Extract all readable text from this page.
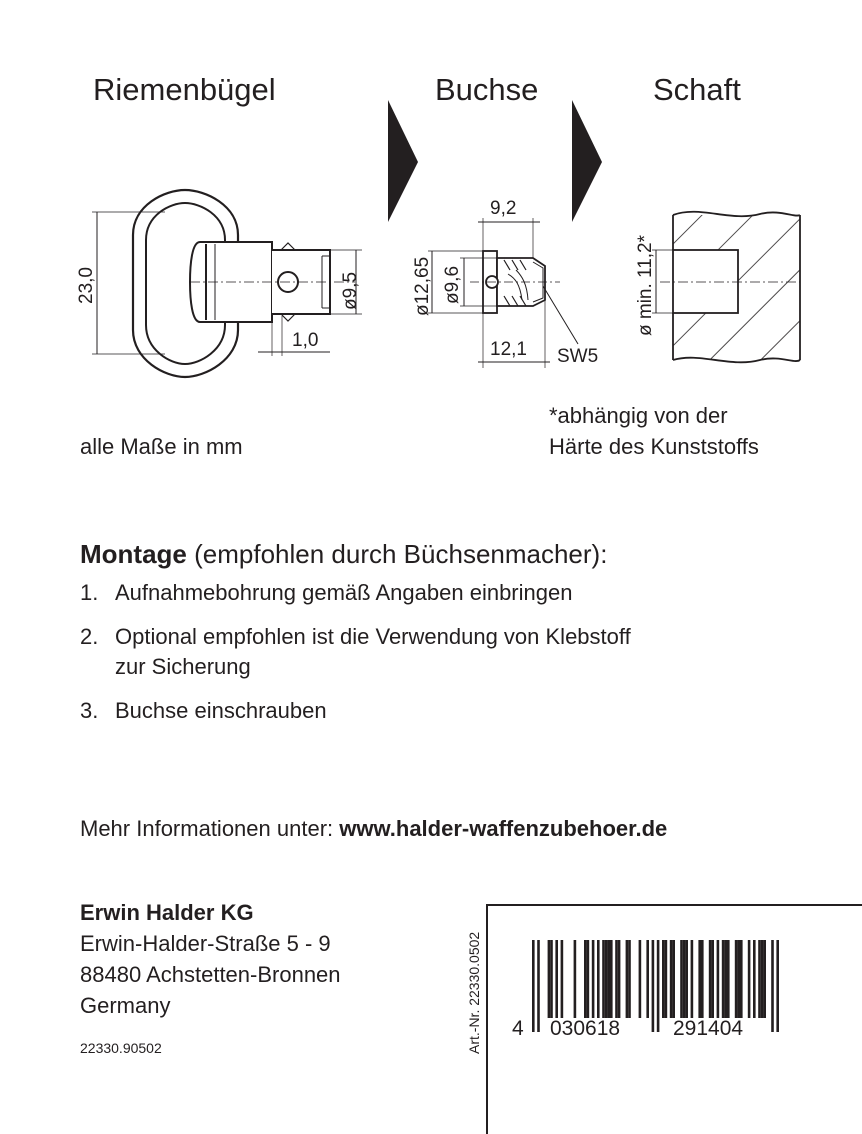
Riemenbügel	Buchse	Schaft
23,0	ø9,5
1,0
9,2
ø12,65 ø9,6
12,1 SW5
ø min. 11,2*
alle Maße in mm
*abhängig von der
Härte des Kunststoffs
Montage (empfohlen durch Büchsenmacher):
1. Aufnahmebohrung gemäß Angaben einbringen
2. Optional empfohlen ist die Verwendung von Klebstoff zur Sicherung
3. Buchse einschrauben
Mehr Informationen unter: www.halder-waffenzubehoer.de
Erwin Halder KG
Erwin-Halder-Straße 5 - 9
88480 Achstetten-Bronnen
Germany
22330.90502	Art.-Nr. 22330.0502 4 030618	291404
